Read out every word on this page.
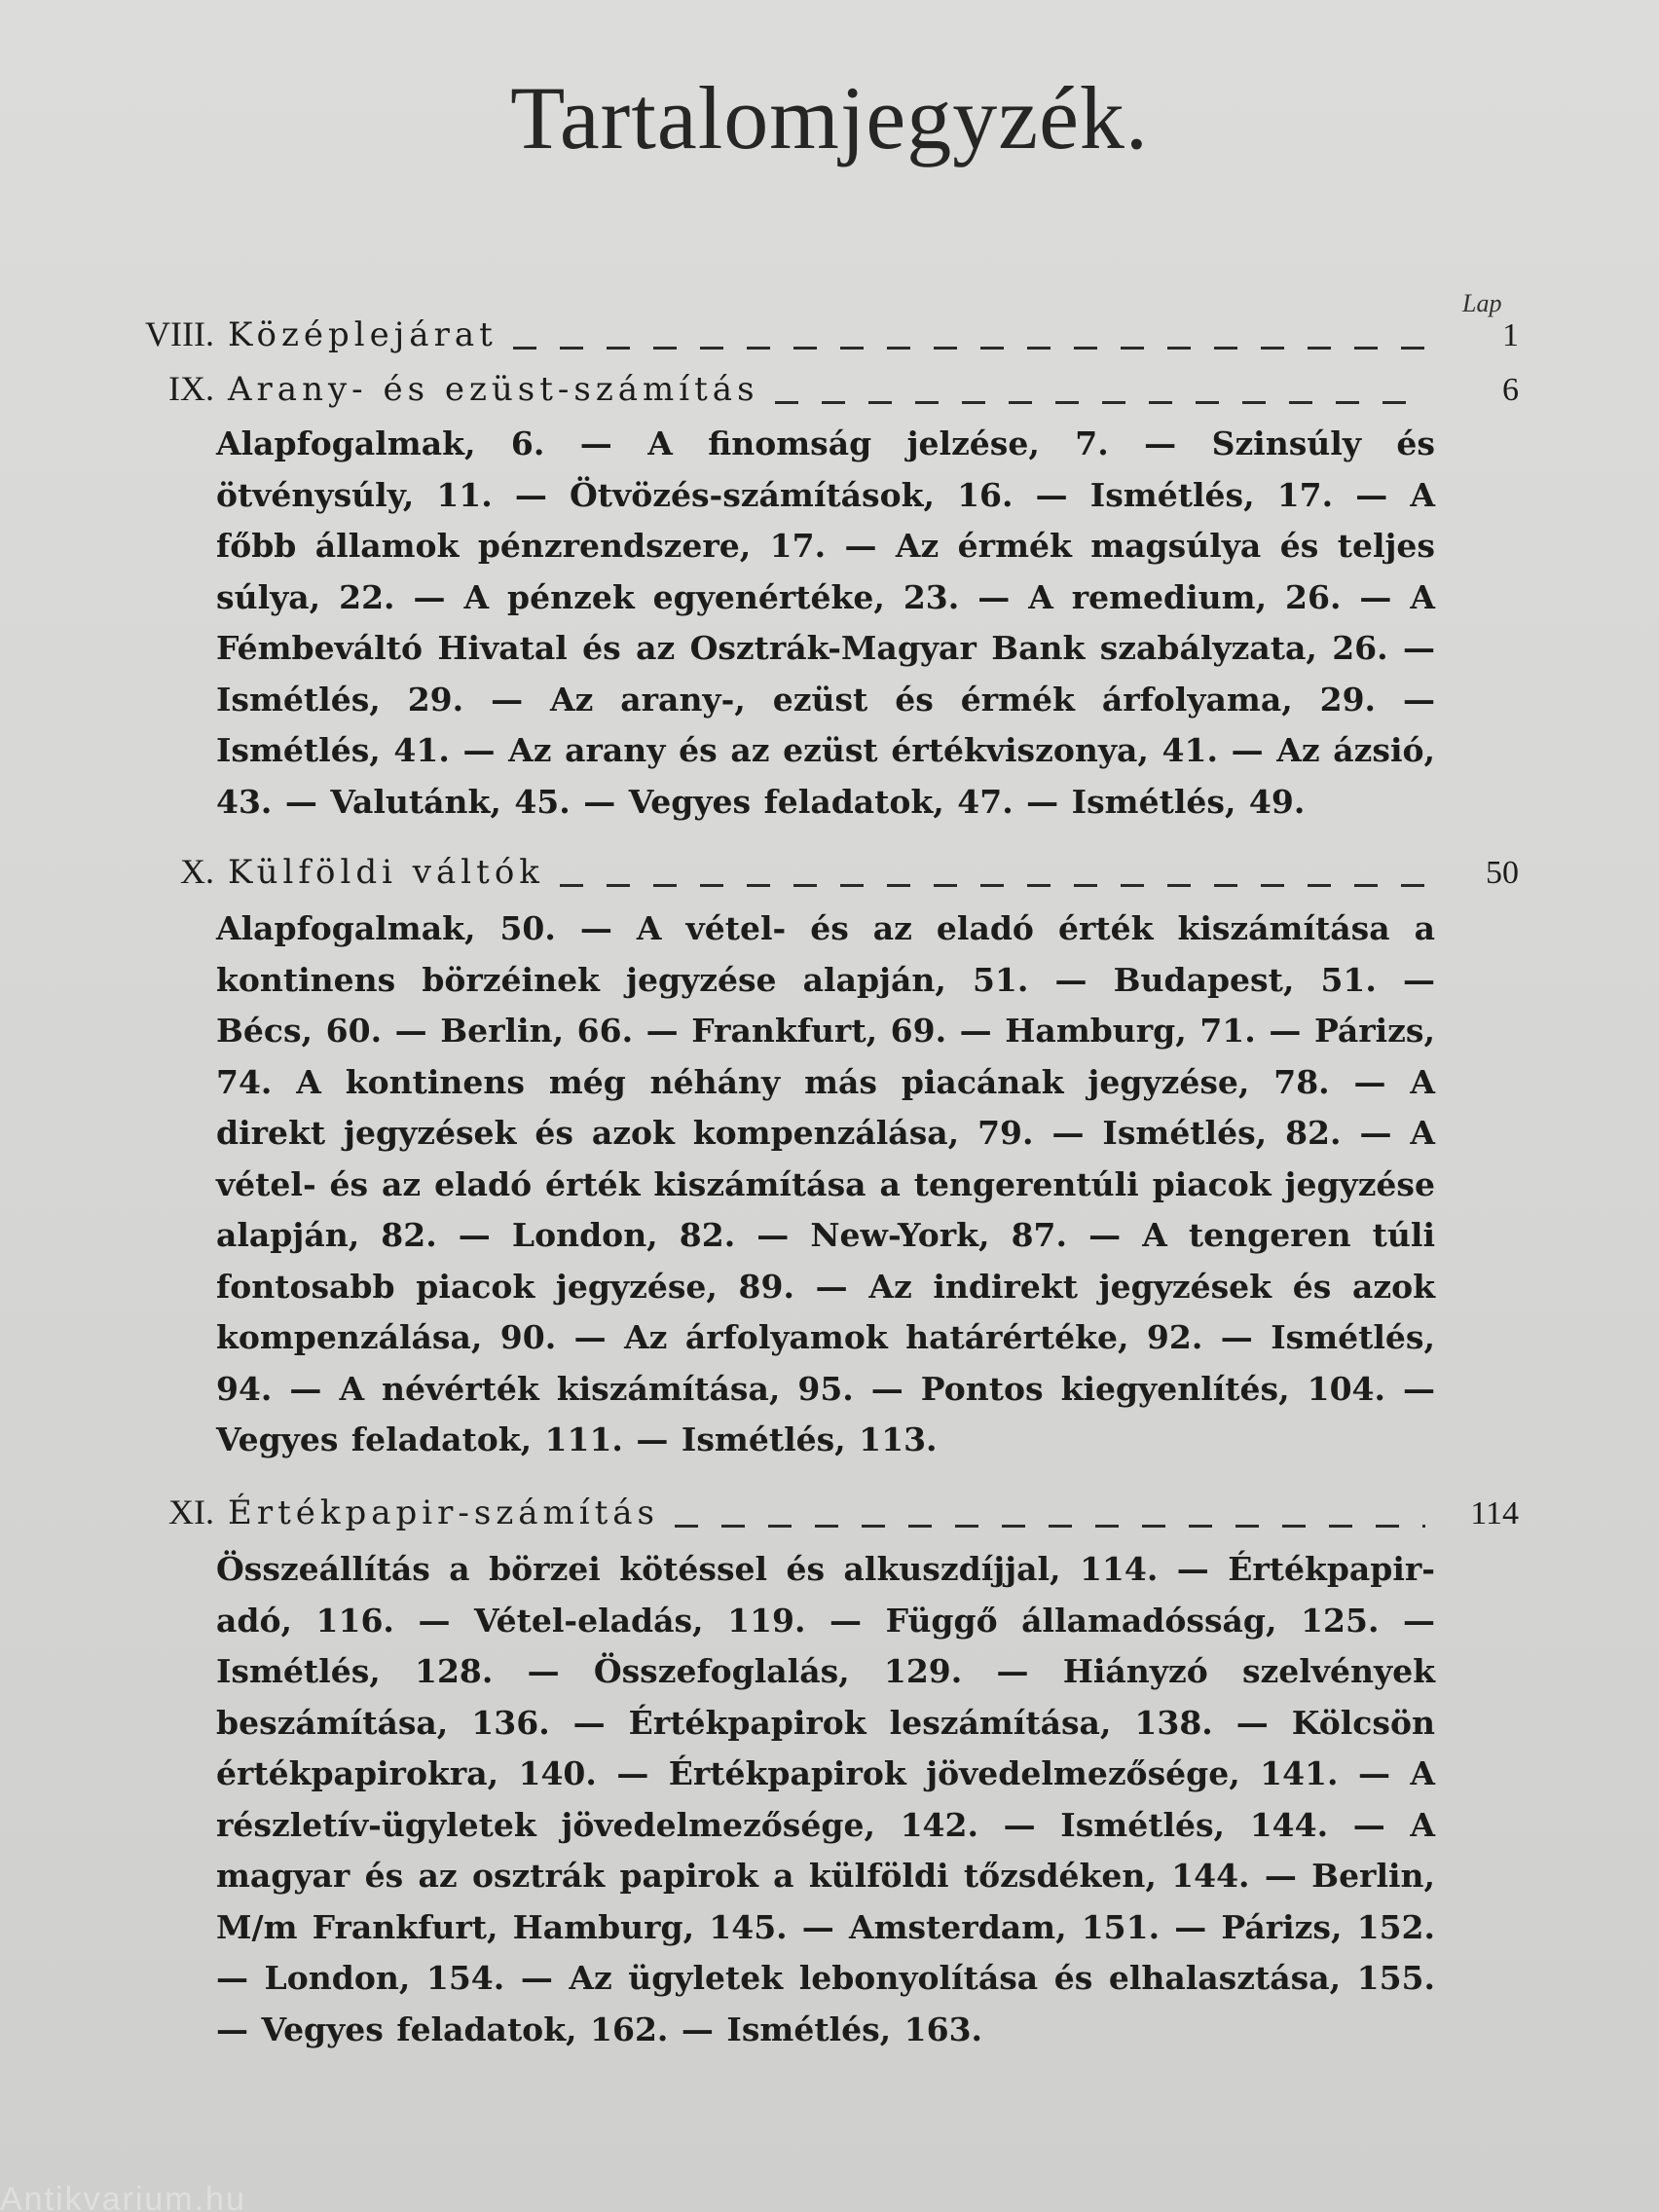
Tartalomjegyzék.
Lap
VIII. Középlejárat	1
IX. Arany- és ezüst-számítás	6
Alapfogalmak, 6. — A finomság jelzése, 7. — Szinsúly és ötvénysúly, 11. — Ötvözés-számítások, 16. — Ismétlés, 17. — A főbb államok pénzrendszere, 17. — Az érmék magsúlya és teljes súlya, 22. — A pénzek egyenértéke, 23. — A remedium, 26. — A Fémbeváltó Hivatal és az Osztrák-Magyar Bank szabályzata, 26. — Ismétlés, 29. — Az arany-, ezüst és érmék árfolyama, 29. — Ismétlés, 41. — Az arany és az ezüst értékviszonya, 41. — Az ázsió, 43. — Valutánk, 45. — Vegyes feladatok, 47. — Ismétlés, 49.
X. Külföldi váltók	50
Alapfogalmak, 50. — A vétel- és az eladó érték kiszámítása a kontinens börzéinek jegyzése alapján, 51. — Budapest, 51. — Bécs, 60. — Berlin, 66. — Frankfurt, 69. — Hamburg, 71. — Párizs, 74. A kontinens még néhány más piacának jegyzése, 78. — A direkt jegyzések és azok kompenzálása, 79. — Ismétlés, 82. — A vétel- és az eladó érték kiszámítása a tengerentúli piacok jegyzése alapján, 82. — London, 82. — New-York, 87. — A tengeren túli fontosabb piacok jegyzése, 89. — Az indirekt jegyzések és azok kompenzálása, 90. — Az árfolyamok határértéke, 92. — Ismétlés, 94. — A névérték kiszámítása, 95. — Pontos kiegyenlítés, 104. — Vegyes feladatok, 111. — Ismétlés, 113.
XI. Értékpapir-számítás	114
Összeállítás a börzei kötéssel és alkuszdíjjal, 114. — Értékpapir-adó, 116. — Vétel-eladás, 119. — Függő államadósság, 125. — Ismétlés, 128. — Összefoglalás, 129. — Hiányzó szelvények beszámítása, 136. — Értékpapirok leszámítása, 138. — Kölcsön értékpapirokra, 140. — Értékpapirok jövedelmezősége, 141. — A részletív-ügyletek jövedelmezősége, 142. — Ismétlés, 144. — A magyar és az osztrák papirok a külföldi tőzsdéken, 144. — Berlin, M/m Frankfurt, Hamburg, 145. — Amsterdam, 151. — Párizs, 152. — London, 154. — Az ügyletek lebonyolítása és elhalasztása, 155. — Vegyes feladatok, 162. — Ismétlés, 163.
Antikvarium.hu
